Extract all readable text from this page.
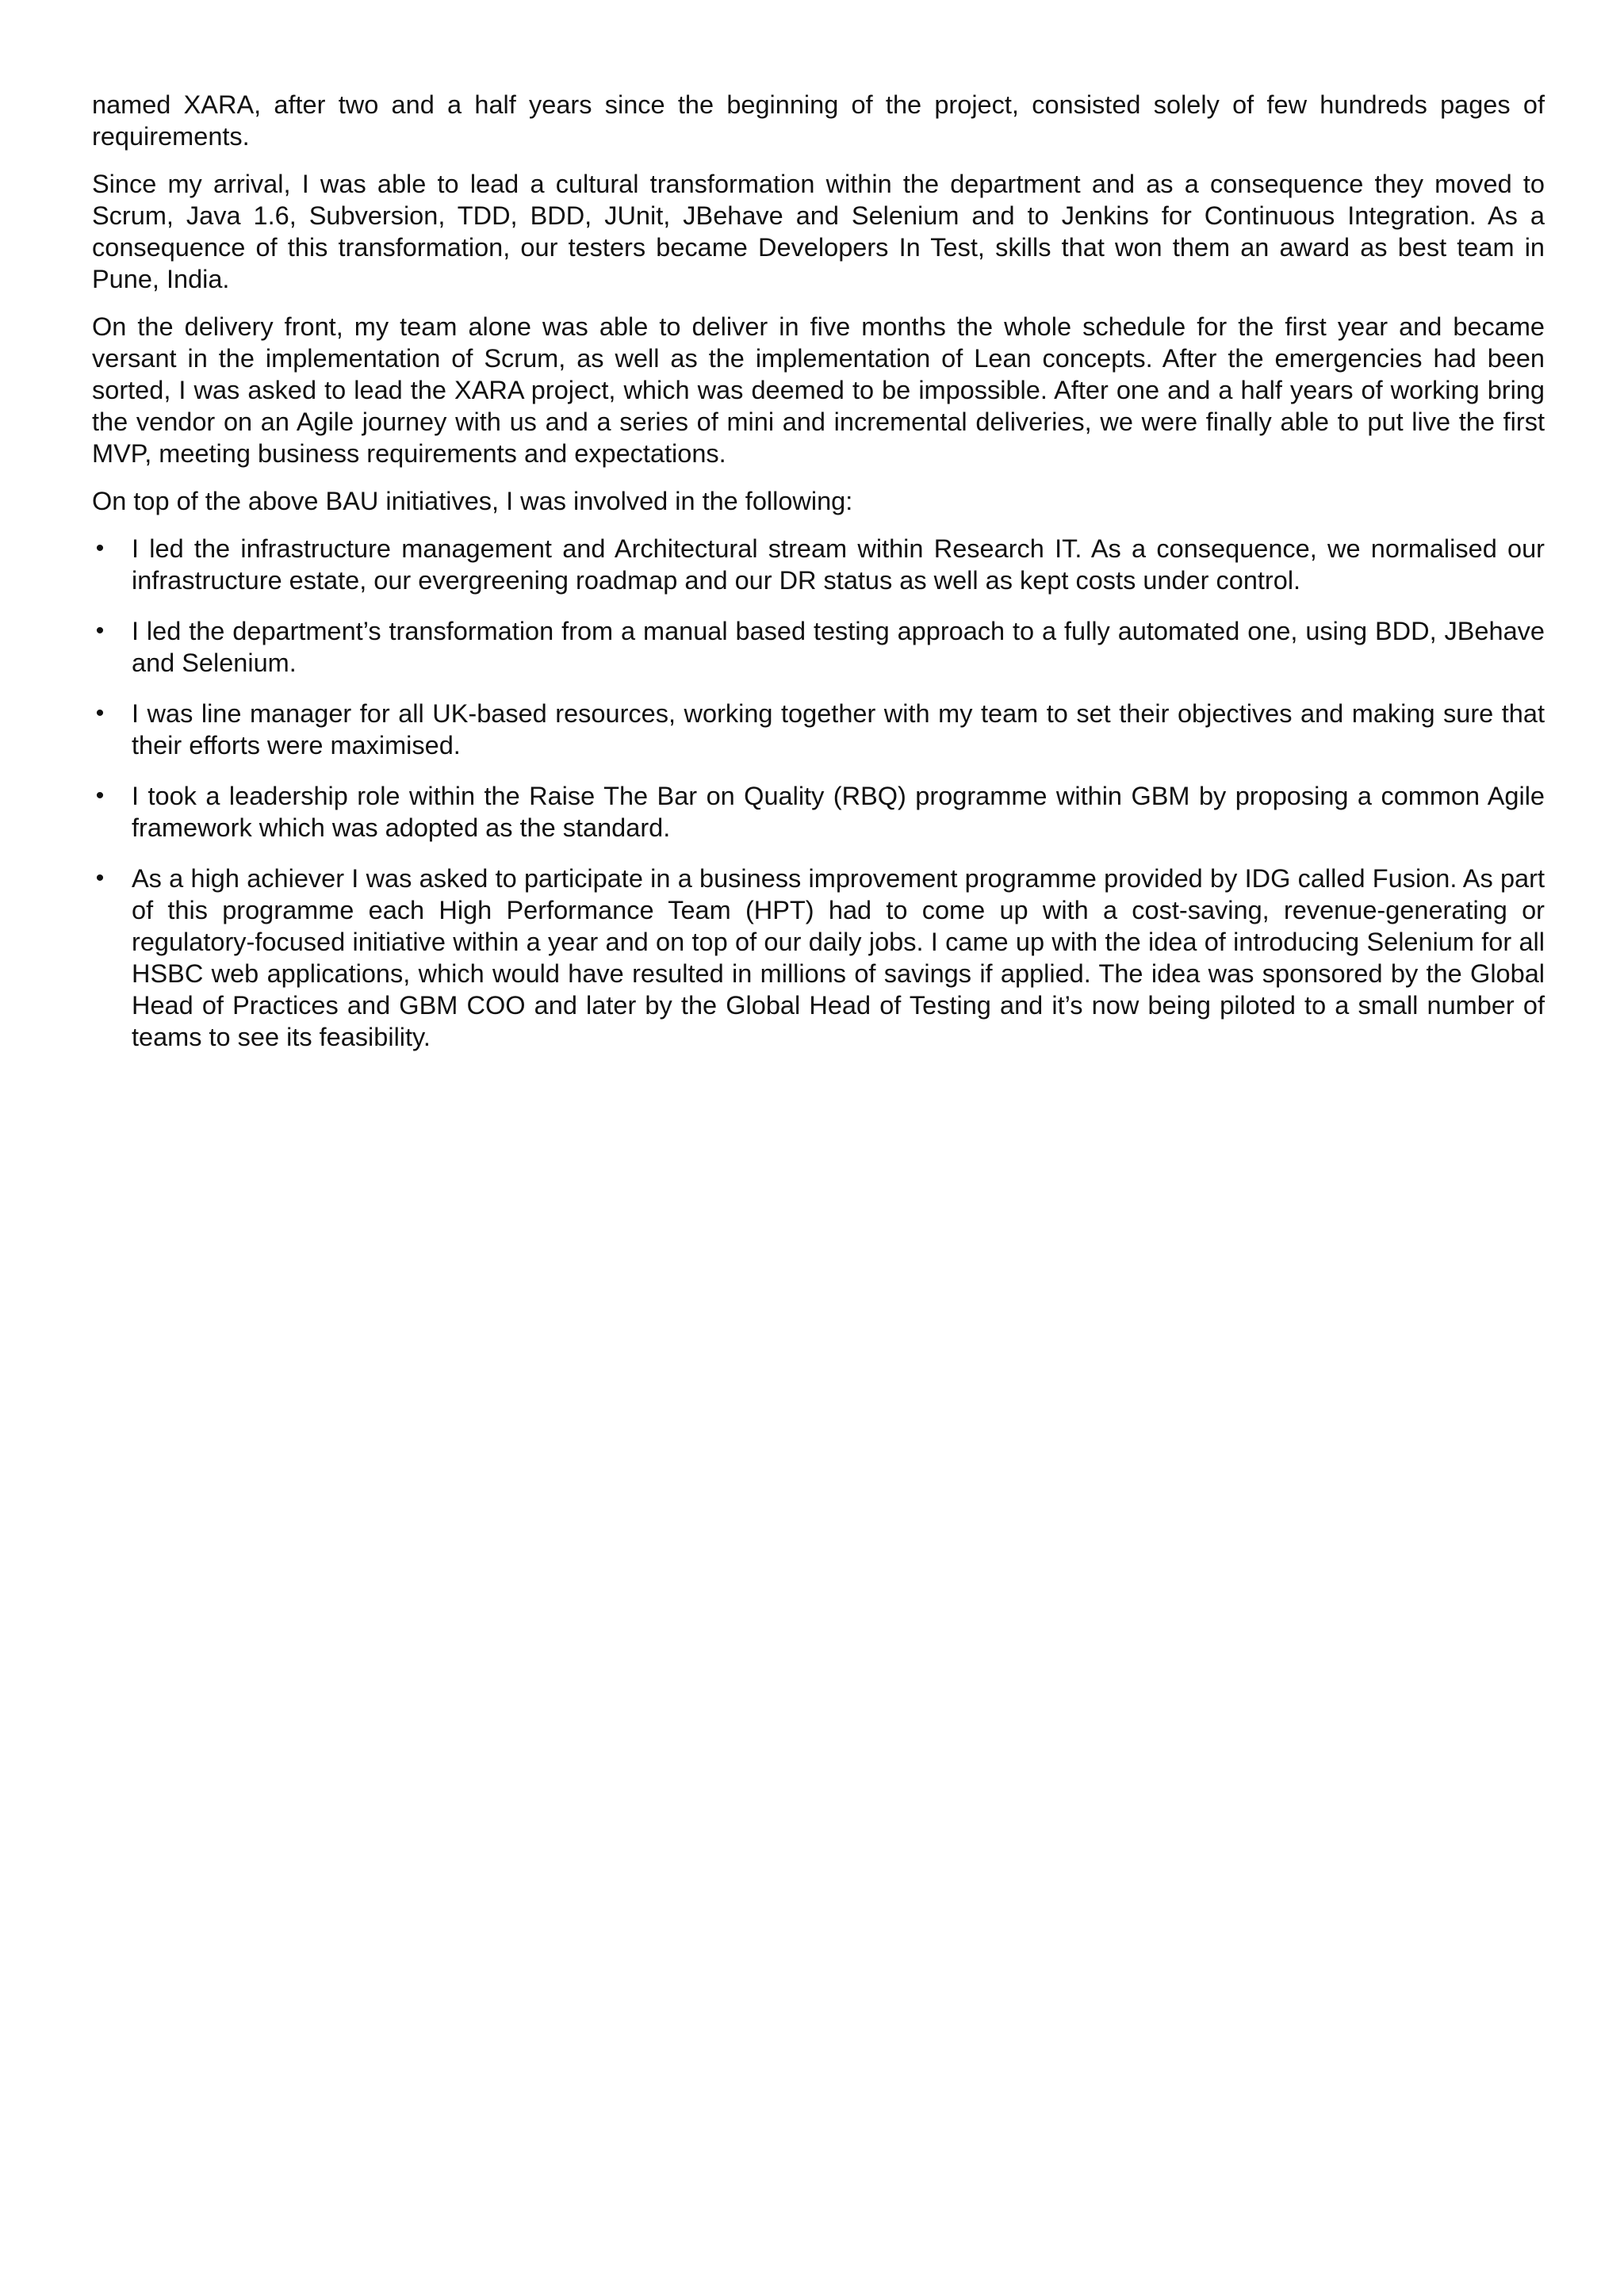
named XARA, after two and a half years since the beginning of the project, consisted solely of few hundreds pages of requirements.

Since my arrival, I was able to lead a cultural transformation within the department and as a consequence they moved to Scrum, Java 1.6, Subversion, TDD, BDD, JUnit, JBehave and Selenium and to Jenkins for Continuous Integration. As a consequence of this transformation, our testers became Developers In Test, skills that won them an award as best team in Pune, India.

On the delivery front, my team alone was able to deliver in five months the whole schedule for the first year and became versant in the implementation of Scrum, as well as the implementation of Lean concepts. After the emergencies had been sorted, I was asked to lead the XARA project, which was deemed to be impossible. After one and a half years of working bring the vendor on an Agile journey with us and a series of mini and incremental deliveries, we were finally able to put live the first MVP, meeting business requirements and expectations.

On top of the above BAU initiatives, I was involved in the following:

• I led the infrastructure management and Architectural stream within Research IT. As a consequence, we normalised our infrastructure estate, our evergreening roadmap and our DR status as well as kept costs under control.
• I led the department’s transformation from a manual based testing approach to a fully automated one, using BDD, JBehave and Selenium.
• I was line manager for all UK-based resources, working together with my team to set their objectives and making sure that their efforts were maximised.
• I took a leadership role within the Raise The Bar on Quality (RBQ) programme within GBM by proposing a common Agile framework which was adopted as the standard.
• As a high achiever I was asked to participate in a business improvement programme provided by IDG called Fusion. As part of this programme each High Performance Team (HPT) had to come up with a cost-saving, revenue-generating or regulatory-focused initiative within a year and on top of our daily jobs. I came up with the idea of introducing Selenium for all HSBC web applications, which would have resulted in millions of savings if applied. The idea was sponsored by the Global Head of Practices and GBM COO and later by the Global Head of Testing and it’s now being piloted to a small number of teams to see its feasibility.
